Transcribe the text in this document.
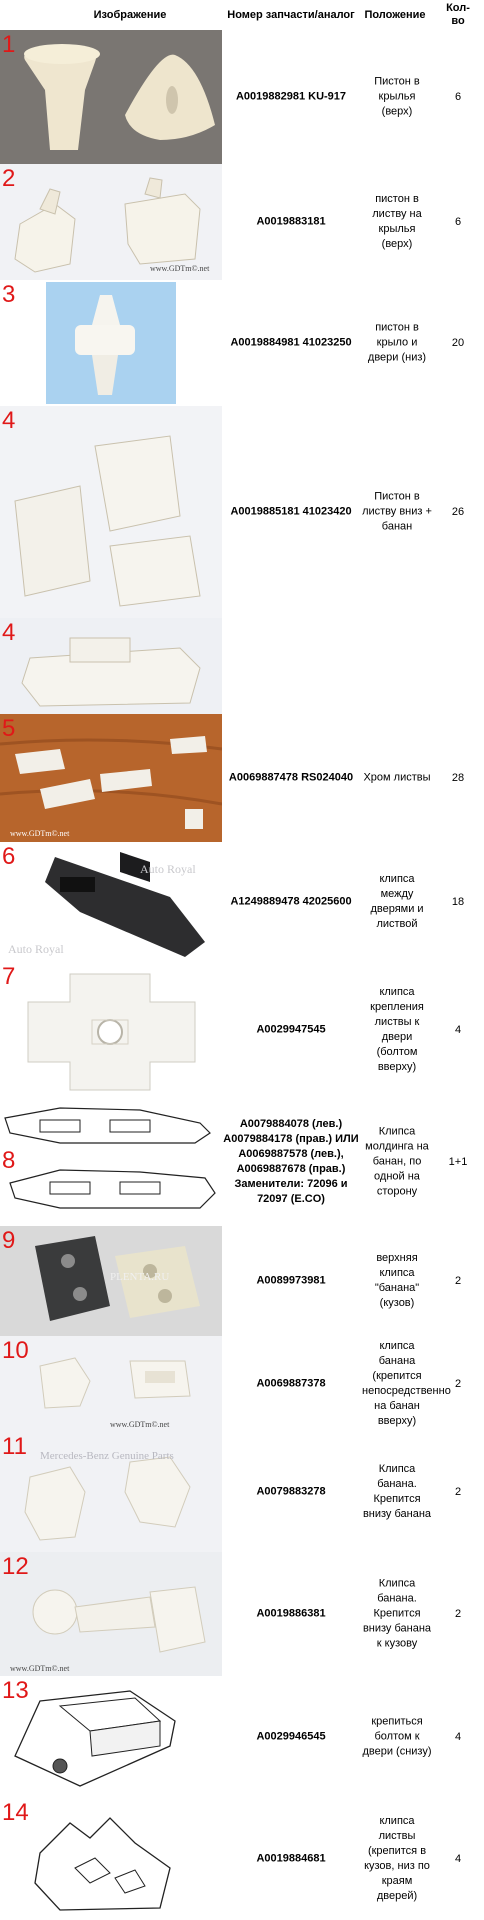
Изображение	Номер запчасти/аналог Положение
Кол-во
1
A0019882981 KU-917
Пистон в крылья (верх)
6
www.GDTm©.net
2
A0019883181
пистон в листву на крылья (верх)
6
3
A0019884981 41023250
пистон в крыло и двери (низ)
20
4
A0019885181 41023420
Пистон в листву вниз + банан
26
4
www.GDTm©.net
5
A0069887478 RS024040 Хром листвы	28
Auto Royal
Auto Royal
6
A1249889478 42025600
клипса между дверями и листвой
18
7
A0029947545
клипса крепления листвы к двери (болтом вверху)
4
8
A0079884078 (лев.) A0079884178 (прав.) ИЛИ A0069887578 (лев.), A0069887678 (прав.) Заменители: 72096 и 72097 (E.CO)
Клипса молдинга на банан, по одной на сторону
1+1
PLENTA.RU
9
A0089973981
верхняя клипса "банана" (кузов)
2
www.GDTm©.net
10
A0069887378
клипса банана (крепится непосредственно на банан вверху)
2
Mercedes-Benz Genuine Parts
11
A0079883278
Клипса банана. Крепится внизу банана
2
www.GDTm©.net
12
A0019886381
Клипса банана. Крепится внизу банана к кузову
2
13
A0029946545
крепиться болтом к двери (снизу)
4
14
A0019884681
клипса листвы (крепится в кузов, низ по краям дверей)
4
